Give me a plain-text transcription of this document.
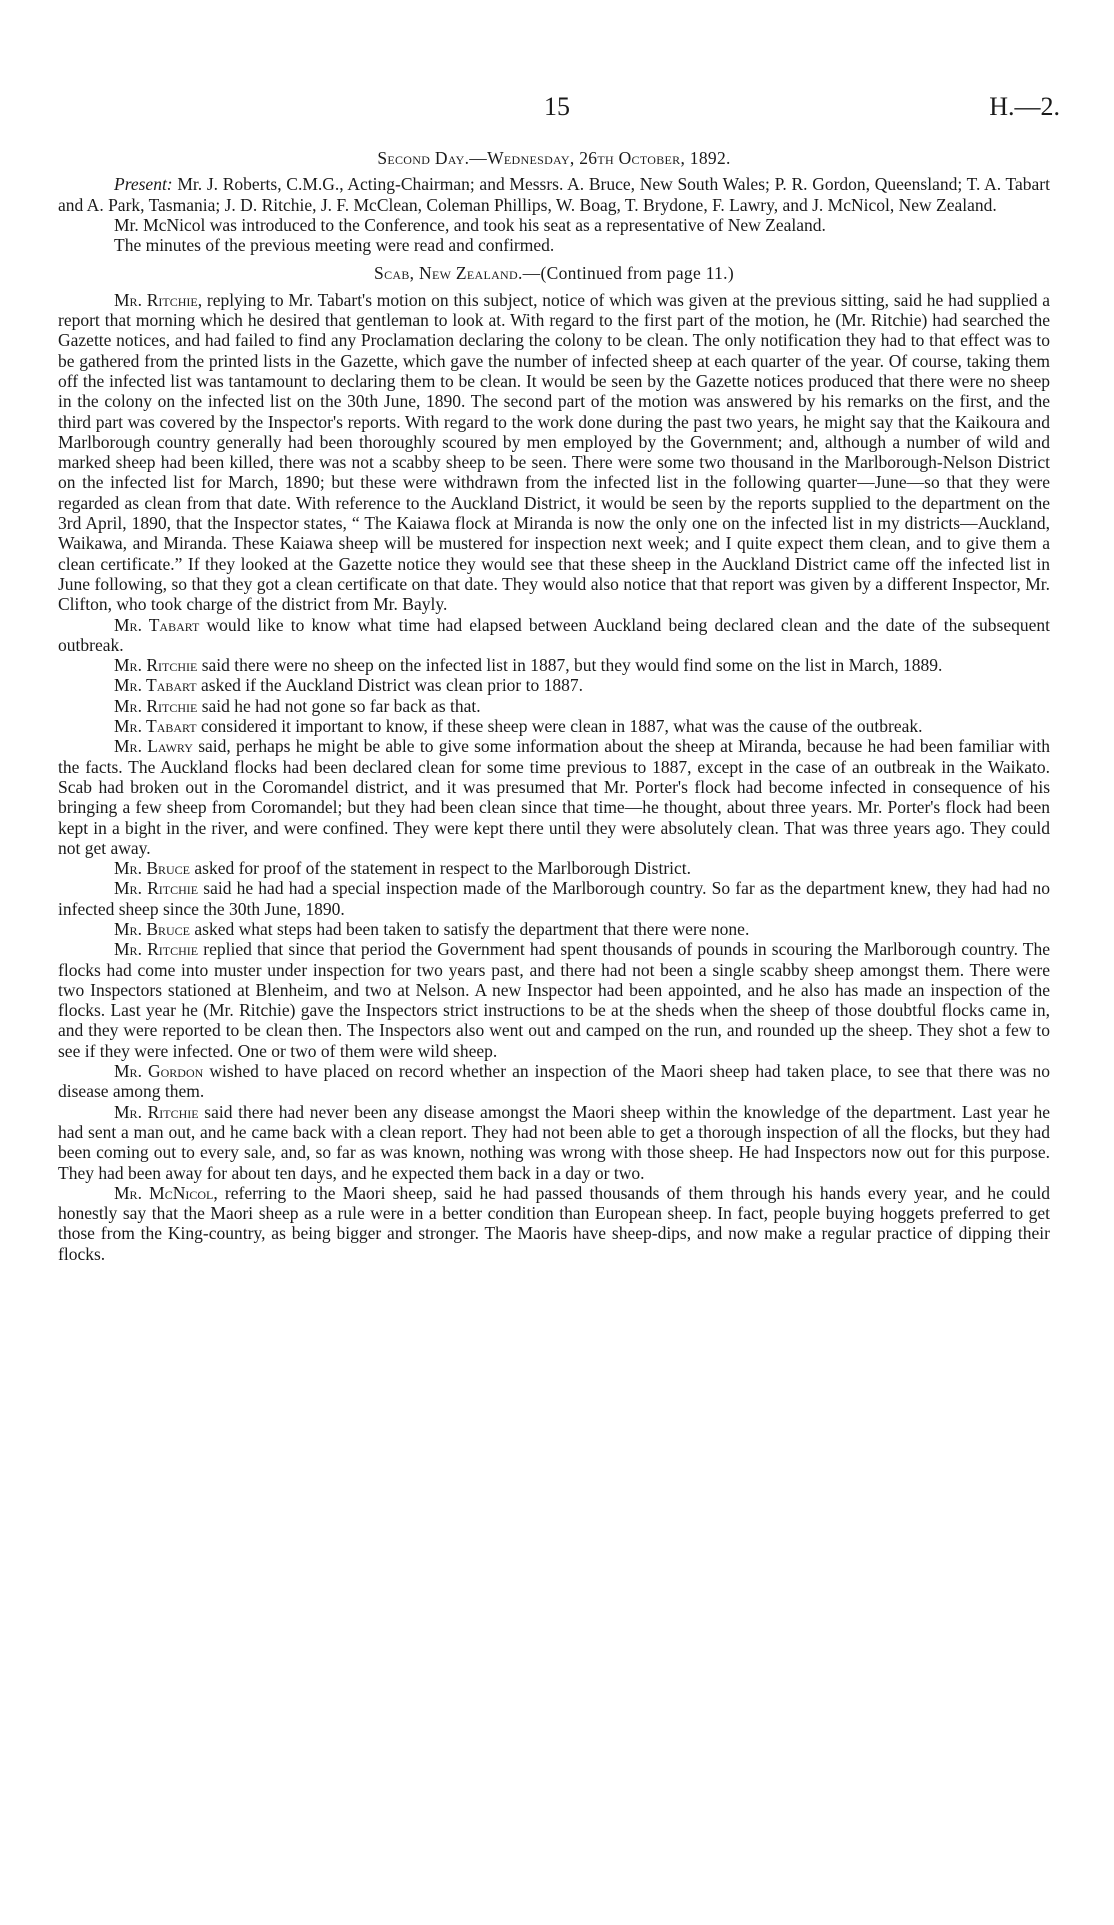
15	H.—2.
Second Day.—Wednesday, 26th October, 1892.

Present: Mr. J. Roberts, C.M.G., Acting-Chairman; and Messrs. A. Bruce, New South Wales; P. R. Gordon, Queensland; T. A. Tabart and A. Park, Tasmania; J. D. Ritchie, J. F. McClean, Coleman Phillips, W. Boag, T. Brydone, F. Lawry, and J. McNicol, New Zealand.

Mr. McNicol was introduced to the Conference, and took his seat as a representative of New Zealand.

The minutes of the previous meeting were read and confirmed.

Scab, New Zealand.—(Continued from page 11.)

Mr. Ritchie, replying to Mr. Tabart's motion on this subject, notice of which was given at the previous sitting, said he had supplied a report that morning which he desired that gentleman to look at. With regard to the first part of the motion, he (Mr. Ritchie) had searched the Gazette notices, and had failed to find any Proclamation declaring the colony to be clean. The only notification they had to that effect was to be gathered from the printed lists in the Gazette, which gave the number of infected sheep at each quarter of the year. Of course, taking them off the infected list was tantamount to declaring them to be clean. It would be seen by the Gazette notices produced that there were no sheep in the colony on the infected list on the 30th June, 1890. The second part of the motion was answered by his remarks on the first, and the third part was covered by the Inspector's reports. With regard to the work done during the past two years, he might say that the Kaikoura and Marlborough country generally had been thoroughly scoured by men employed by the Government; and, although a number of wild and marked sheep had been killed, there was not a scabby sheep to be seen. There were some two thousand in the Marlborough-Nelson District on the infected list for March, 1890; but these were withdrawn from the infected list in the following quarter—June—so that they were regarded as clean from that date. With reference to the Auckland District, it would be seen by the reports supplied to the department on the 3rd April, 1890, that the Inspector states, “ The Kaiawa flock at Miranda is now the only one on the infected list in my districts—Auckland, Waikawa, and Miranda. These Kaiawa sheep will be mustered for inspection next week; and I quite expect them clean, and to give them a clean certificate.” If they looked at the Gazette notice they would see that these sheep in the Auckland District came off the infected list in June following, so that they got a clean certificate on that date. They would also notice that that report was given by a different Inspector, Mr. Clifton, who took charge of the district from Mr. Bayly.

Mr. Tabart would like to know what time had elapsed between Auckland being declared clean and the date of the subsequent outbreak.

Mr. Ritchie said there were no sheep on the infected list in 1887, but they would find some on the list in March, 1889.

Mr. Tabart asked if the Auckland District was clean prior to 1887.

Mr. Ritchie said he had not gone so far back as that.

Mr. Tabart considered it important to know, if these sheep were clean in 1887, what was the cause of the outbreak.

Mr. Lawry said, perhaps he might be able to give some information about the sheep at Miranda, because he had been familiar with the facts. The Auckland flocks had been declared clean for some time previous to 1887, except in the case of an outbreak in the Waikato. Scab had broken out in the Coromandel district, and it was presumed that Mr. Porter's flock had become infected in consequence of his bringing a few sheep from Coromandel; but they had been clean since that time—he thought, about three years. Mr. Porter's flock had been kept in a bight in the river, and were confined. They were kept there until they were absolutely clean. That was three years ago. They could not get away.

Mr. Bruce asked for proof of the statement in respect to the Marlborough District.

Mr. Ritchie said he had had a special inspection made of the Marlborough country. So far as the department knew, they had had no infected sheep since the 30th June, 1890.

Mr. Bruce asked what steps had been taken to satisfy the department that there were none.

Mr. Ritchie replied that since that period the Government had spent thousands of pounds in scouring the Marlborough country. The flocks had come into muster under inspection for two years past, and there had not been a single scabby sheep amongst them. There were two Inspectors stationed at Blenheim, and two at Nelson. A new Inspector had been appointed, and he also has made an inspection of the flocks. Last year he (Mr. Ritchie) gave the Inspectors strict instructions to be at the sheds when the sheep of those doubtful flocks came in, and they were reported to be clean then. The Inspectors also went out and camped on the run, and rounded up the sheep. They shot a few to see if they were infected. One or two of them were wild sheep.

Mr. Gordon wished to have placed on record whether an inspection of the Maori sheep had taken place, to see that there was no disease among them.

Mr. Ritchie said there had never been any disease amongst the Maori sheep within the knowledge of the department. Last year he had sent a man out, and he came back with a clean report. They had not been able to get a thorough inspection of all the flocks, but they had been coming out to every sale, and, so far as was known, nothing was wrong with those sheep. He had Inspectors now out for this purpose. They had been away for about ten days, and he expected them back in a day or two.

Mr. McNicol, referring to the Maori sheep, said he had passed thousands of them through his hands every year, and he could honestly say that the Maori sheep as a rule were in a better condition than European sheep. In fact, people buying hoggets preferred to get those from the King-country, as being bigger and stronger. The Maoris have sheep-dips, and now make a regular practice of dipping their flocks.
